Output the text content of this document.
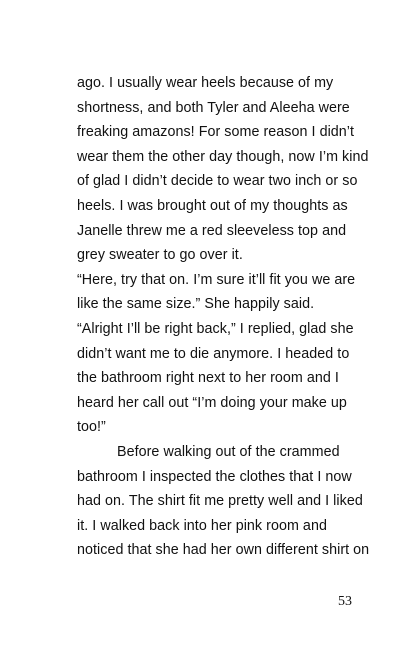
ago. I usually wear heels because of my
shortness, and both Tyler and Aleeha were
freaking amazons! For some reason I didn’t
wear them the other day though, now I’m kind
of glad I didn’t decide to wear two inch or so
heels. I was brought out of my thoughts as
Janelle threw me a red sleeveless top and
grey sweater to go over it.
“Here, try that on. I’m sure it’ll fit you we are
like the same size.” She happily said.
“Alright I’ll be right back,” I replied, glad she
didn’t want me to die anymore. I headed to
the bathroom right next to her room and I
heard her call out “I’m doing your make up
too!”
Before walking out of the crammed
bathroom I inspected the clothes that I now
had on. The shirt fit me pretty well and I liked
it. I walked back into her pink room and
noticed that she had her own different shirt on
53
